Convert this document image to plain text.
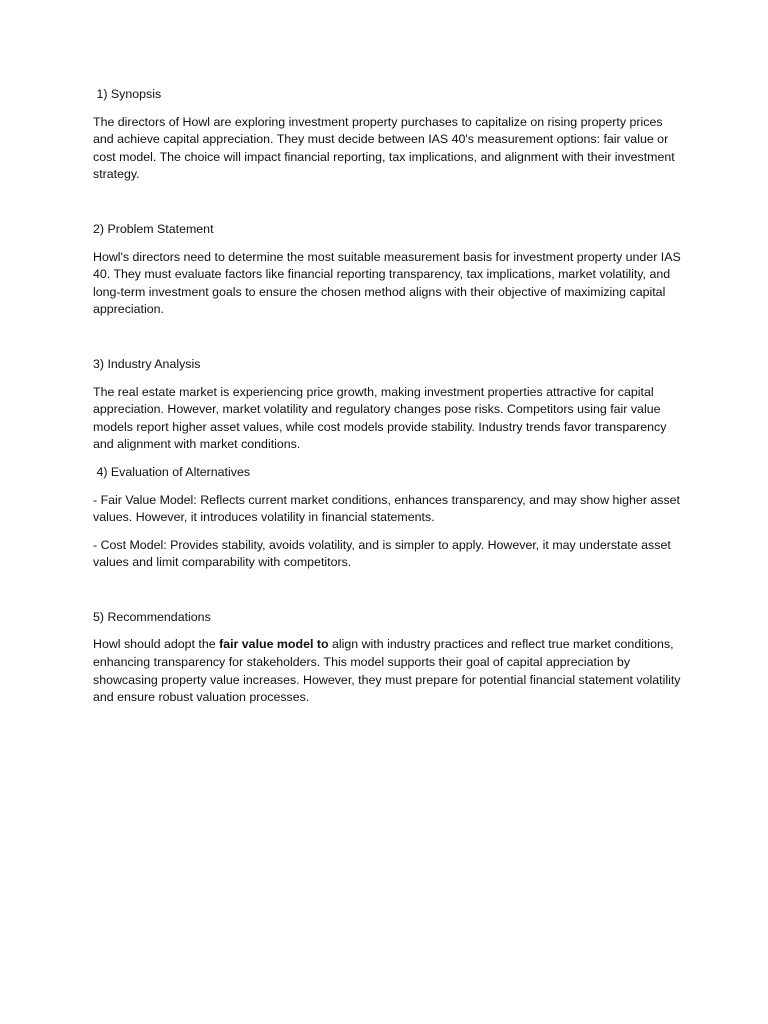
1) Synopsis

The directors of Howl are exploring investment property purchases to capitalize on rising property prices and achieve capital appreciation. They must decide between IAS 40's measurement options: fair value or cost model. The choice will impact financial reporting, tax implications, and alignment with their investment strategy.

2) Problem Statement

Howl's directors need to determine the most suitable measurement basis for investment property under IAS 40. They must evaluate factors like financial reporting transparency, tax implications, market volatility, and long-term investment goals to ensure the chosen method aligns with their objective of maximizing capital appreciation.

3) Industry Analysis

The real estate market is experiencing price growth, making investment properties attractive for capital appreciation. However, market volatility and regulatory changes pose risks. Competitors using fair value models report higher asset values, while cost models provide stability. Industry trends favor transparency and alignment with market conditions.

4) Evaluation of Alternatives

- Fair Value Model: Reflects current market conditions, enhances transparency, and may show higher asset values. However, it introduces volatility in financial statements.

- Cost Model: Provides stability, avoids volatility, and is simpler to apply. However, it may understate asset values and limit comparability with competitors.

5) Recommendations

Howl should adopt the fair value model to align with industry practices and reflect true market conditions, enhancing transparency for stakeholders. This model supports their goal of capital appreciation by showcasing property value increases. However, they must prepare for potential financial statement volatility and ensure robust valuation processes.
